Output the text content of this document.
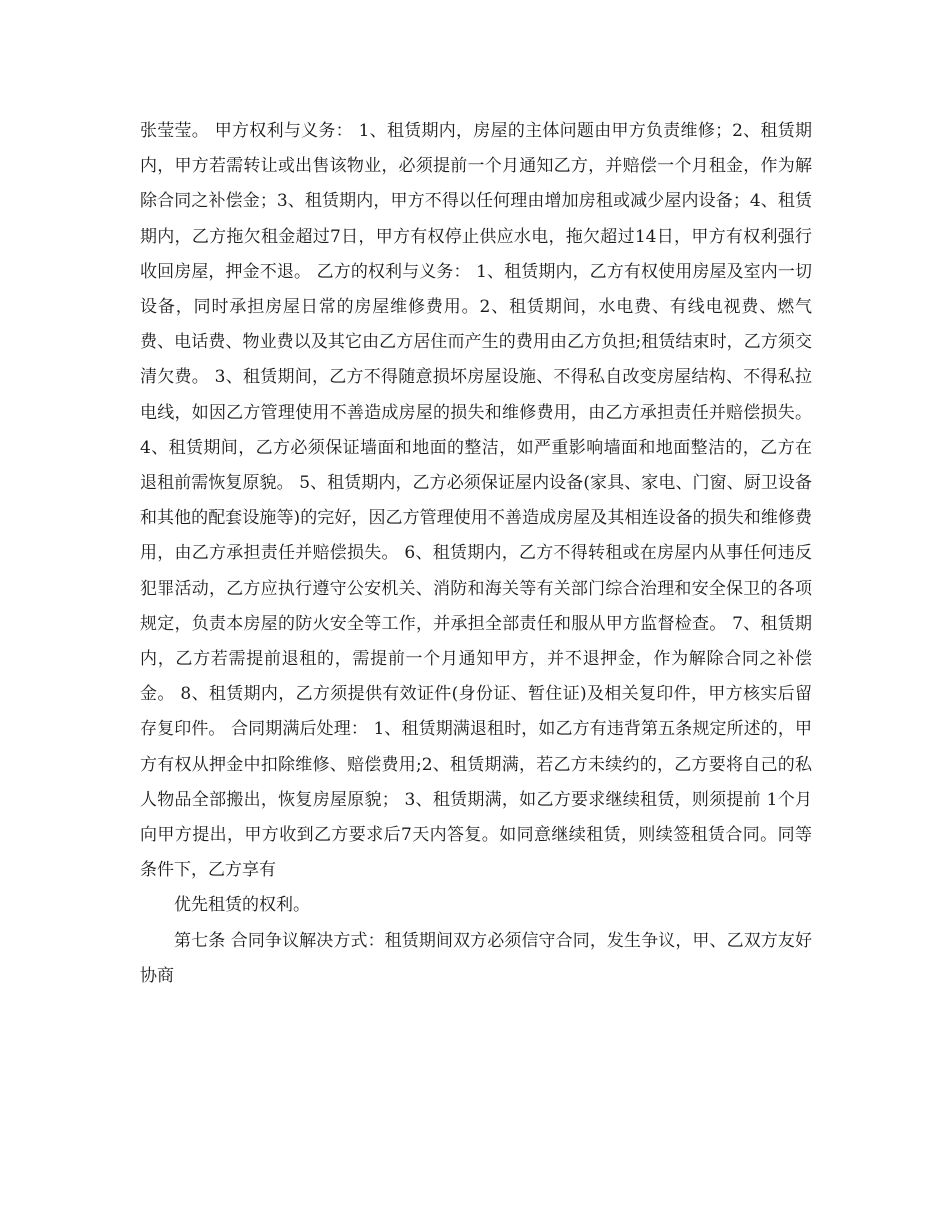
张莹莹。 甲方权利与义务： 1、租赁期内，房屋的主体问题由甲方负责维修；2、租赁期内，甲方若需转让或出售该物业，必须提前一个月通知乙方，并赔偿一个月租金，作为解除合同之补偿金；3、租赁期内，甲方不得以任何理由增加房租或减少屋内设备；4、租赁期内，乙方拖欠租金超过7日，甲方有权停止供应水电，拖欠超过14日，甲方有权利强行收回房屋，押金不退。 乙方的权利与义务： 1、租赁期内，乙方有权使用房屋及室内一切设备，同时承担房屋日常的房屋维修费用。2、租赁期间，水电费、有线电视费、燃气费、电话费、物业费以及其它由乙方居住而产生的费用由乙方负担;租赁结束时，乙方须交清欠费。 3、租赁期间，乙方不得随意损坏房屋设施、不得私自改变房屋结构、不得私拉电线，如因乙方管理使用不善造成房屋的损失和维修费用，由乙方承担责任并赔偿损失。 4、租赁期间，乙方必须保证墙面和地面的整洁，如严重影响墙面和地面整洁的，乙方在退租前需恢复原貌。 5、租赁期内，乙方必须保证屋内设备(家具、家电、门窗、厨卫设备和其他的配套设施等)的完好，因乙方管理使用不善造成房屋及其相连设备的损失和维修费用，由乙方承担责任并赔偿损失。 6、租赁期内，乙方不得转租或在房屋内从事任何违反犯罪活动，乙方应执行遵守公安机关、消防和海关等有关部门综合治理和安全保卫的各项规定，负责本房屋的防火安全等工作，并承担全部责任和服从甲方监督检查。 7、租赁期内，乙方若需提前退租的，需提前一个月通知甲方，并不退押金，作为解除合同之补偿金。 8、租赁期内，乙方须提供有效证件(身份证、暂住证)及相关复印件，甲方核实后留存复印件。 合同期满后处理： 1、租赁期满退租时，如乙方有违背第五条规定所述的，甲方有权从押金中扣除维修、赔偿费用;2、租赁期满，若乙方未续约的，乙方要将自己的私人物品全部搬出，恢复房屋原貌； 3、租赁期满，如乙方要求继续租赁，则须提前 1个月向甲方提出，甲方收到乙方要求后7天内答复。如同意继续租赁，则续签租赁合同。同等条件下，乙方享有

优先租赁的权利。

第七条 合同争议解决方式：租赁期间双方必须信守合同，发生争议，甲、乙双方友好协商
